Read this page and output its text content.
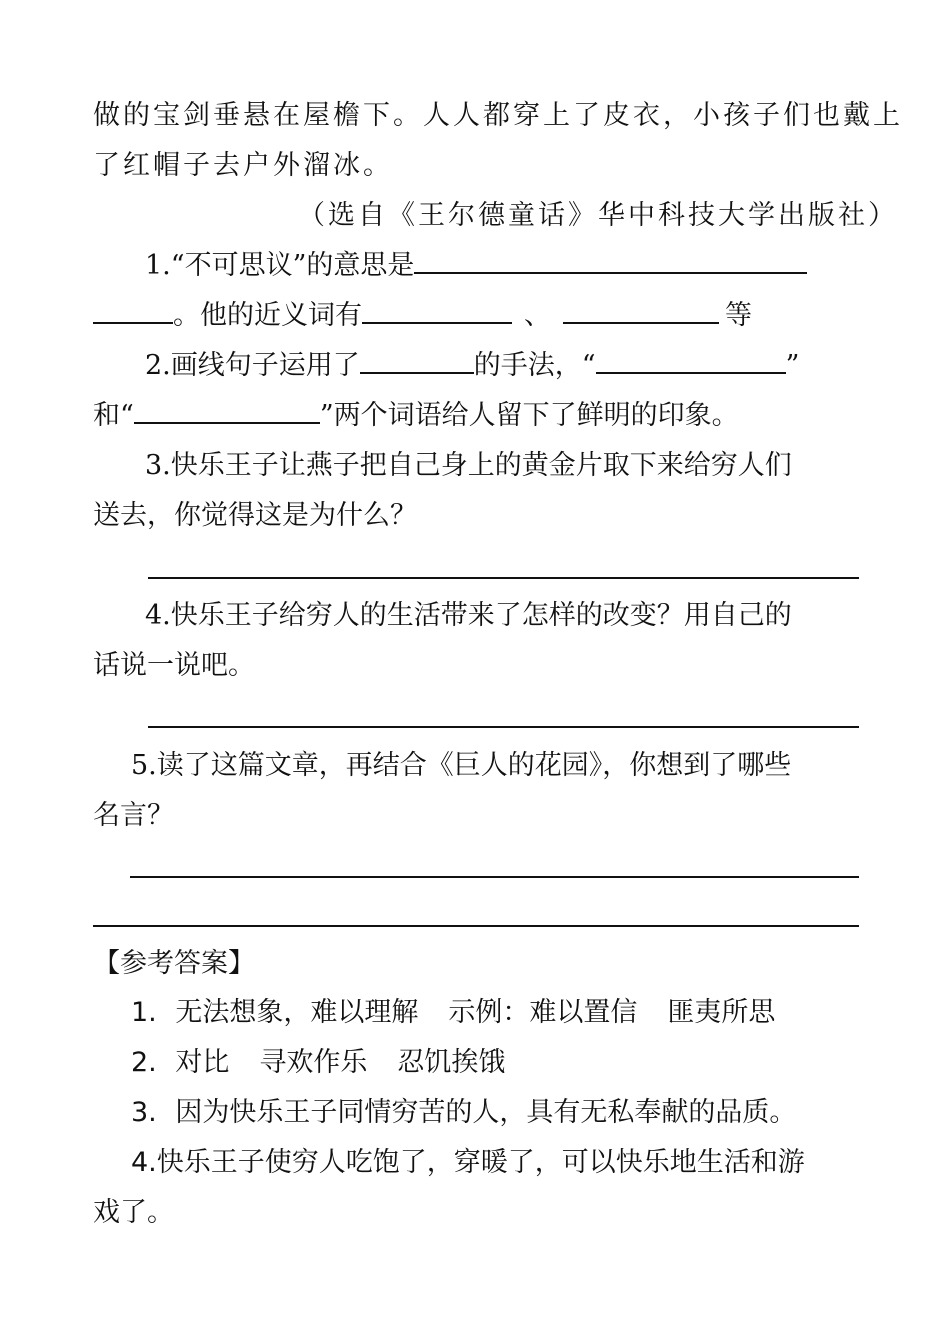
做的宝剑垂悬在屋檐下。人人都穿上了皮衣，小孩子们也戴上
了红帽子去户外溜冰。
（选自《王尔德童话》华中科技大学出版社）
1.“不可思议”的意思是
。他的近义词有	、	等
2.画线句子运用了	的手法，“	”
和“	”两个词语给人留下了鲜明的印象。
3.快乐王子让燕子把自己身上的黄金片取下来给穷人们
送去，你觉得这是为什么？
4.快乐王子给穷人的生活带来了怎样的改变？用自己的
话说一说吧。
5.读了这篇文章，再结合《巨人的花园》，你想到了哪些
名言？
【参考答案】
1. 无法想象，难以理解 示例：难以置信 匪夷所思
2. 对比 寻欢作乐 忍饥挨饿
3. 因为快乐王子同情穷苦的人，具有无私奉献的品质。
4.快乐王子使穷人吃饱了，穿暖了，可以快乐地生活和游
戏了。
